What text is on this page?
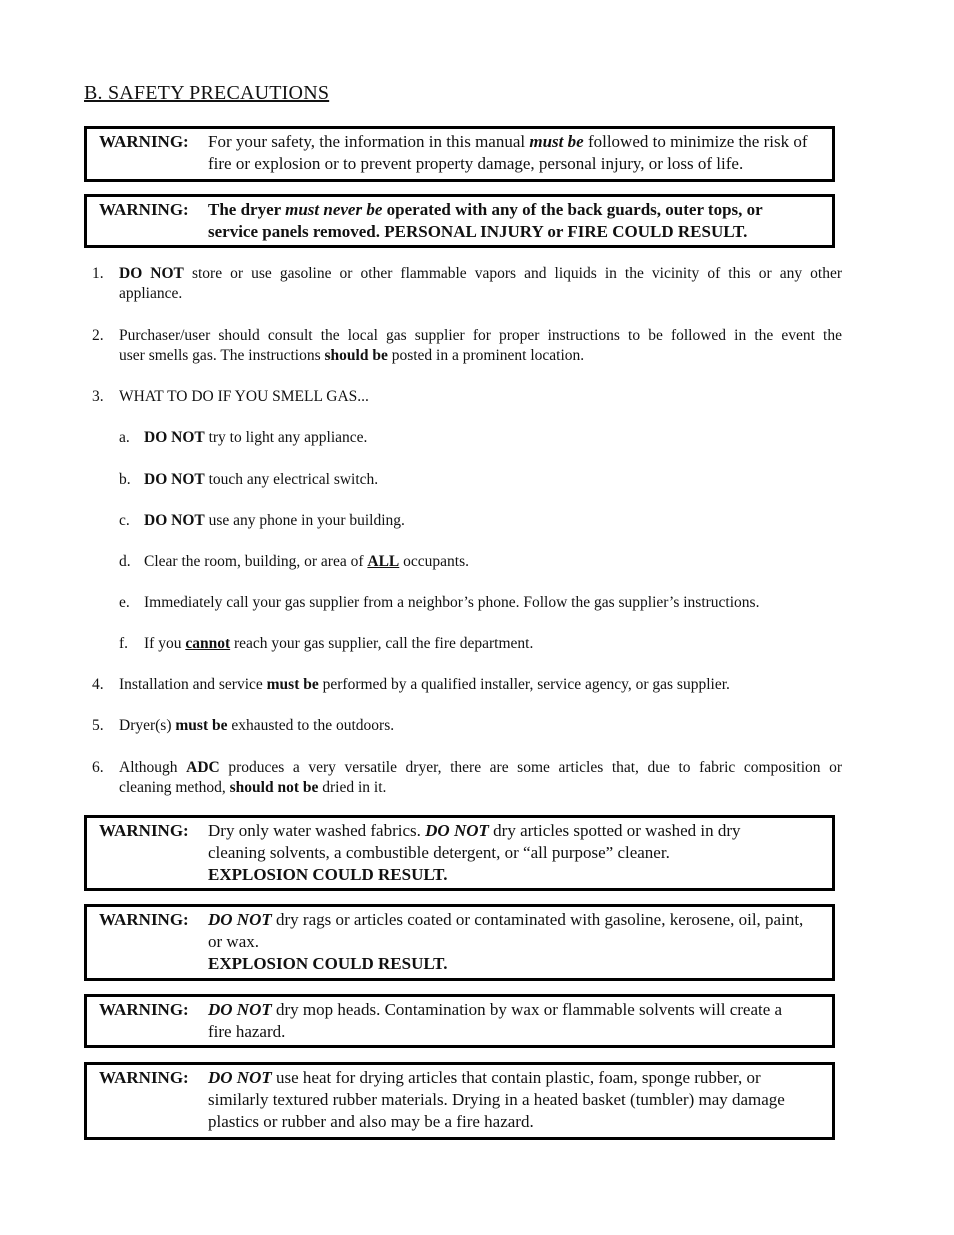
B. SAFETY PRECAUTIONS
WARNING: For your safety, the information in this manual must be followed to minimize the risk of
fire or explosion or to prevent property damage, personal injury, or loss of life.
WARNING: The dryer must never be operated with any of the back guards, outer tops, or
service panels removed. PERSONAL INJURY or FIRE COULD RESULT.
1. DO NOT store or use gasoline or other flammable vapors and liquids in the vicinity of this or any other
appliance.
2. Purchaser/user should consult the local gas supplier for proper instructions to be followed in the event the
user smells gas. The instructions should be posted in a prominent location.
3. WHAT TO DO IF YOU SMELL GAS...
a. DO NOT try to light any appliance.
b. DO NOT touch any electrical switch.
c. DO NOT use any phone in your building.
d. Clear the room, building, or area of ALL occupants.
e. Immediately call your gas supplier from a neighbor’s phone. Follow the gas supplier’s instructions.
f. If you cannot reach your gas supplier, call the fire department.
4. Installation and service must be performed by a qualified installer, service agency, or gas supplier.
5. Dryer(s) must be exhausted to the outdoors.
6. Although ADC produces a very versatile dryer, there are some articles that, due to fabric composition or
cleaning method, should not be dried in it.
WARNING: Dry only water washed fabrics. DO NOT dry articles spotted or washed in dry
cleaning solvents, a combustible detergent, or “all purpose” cleaner.
EXPLOSION COULD RESULT.
WARNING: DO NOT dry rags or articles coated or contaminated with gasoline, kerosene, oil, paint,
or wax.
EXPLOSION COULD RESULT.
WARNING: DO NOT dry mop heads. Contamination by wax or flammable solvents will create a
fire hazard.
WARNING: DO NOT use heat for drying articles that contain plastic, foam, sponge rubber, or
similarly textured rubber materials. Drying in a heated basket (tumbler) may damage
plastics or rubber and also may be a fire hazard.
